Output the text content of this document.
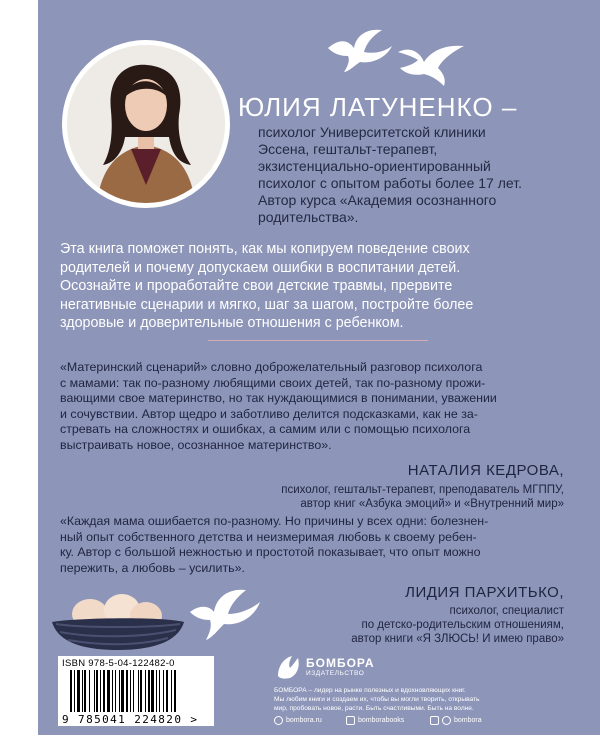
ЮЛИЯ ЛАТУНЕНКО –
психолог Университетской клиники
Эссена, гештальт-терапевт,
экзистенциально-ориентированный
психолог с опытом работы более 17 лет.
Автор курса «Академия осознанного
родительства».
Эта книга поможет понять, как мы копируем поведение своих
родителей и почему допускаем ошибки в воспитании детей.
Осознайте и проработайте свои детские травмы, прервите
негативные сценарии и мягко, шаг за шагом, постройте более
здоровые и доверительные отношения с ребенком.
«Материнский сценарий» словно доброжелательный разговор психолога
с мамами: так по-разному любящими своих детей, так по-разному прожи-
вающими свое материнство, но так нуждающимися в понимании, уважении
и сочувствии. Автор щедро и заботливо делится подсказками, как не за-
стревать на сложностях и ошибках, а самим или с помощью психолога
выстраивать новое, осознанное материнство».
НАТАЛИЯ КЕДРОВА,
психолог, гештальт-терапевт, преподаватель МГППУ,
автор книг «Азбука эмоций» и «Внутренний мир»
«Каждая мама ошибается по-разному. Но причины у всех одни: болезнен-
ный опыт собственного детства и неизмеримая любовь к своему ребен-
ку. Автор с большой нежностью и простотой показывает, что опыт можно
пережить, а любовь – усилить».
ЛИДИЯ ПАРХИТЬКО,
психолог, специалист
по детско-родительским отношениям,
автор книги «Я ЗЛЮСЬ! И имею право»
ISBN 978-5-04-122482-0
9 785041 224820 >
БОМБОРА
ИЗДАТЕЛЬСТВО
БОМБОРА – лидер на рынке полезных и вдохновляющих книг.
Мы любим книги и создаем их, чтобы вы могли творить, открывать
мир, пробовать новое, расти. Быть счастливыми. Быть на волне.
bombora.ru	bomborabooks	bombora
